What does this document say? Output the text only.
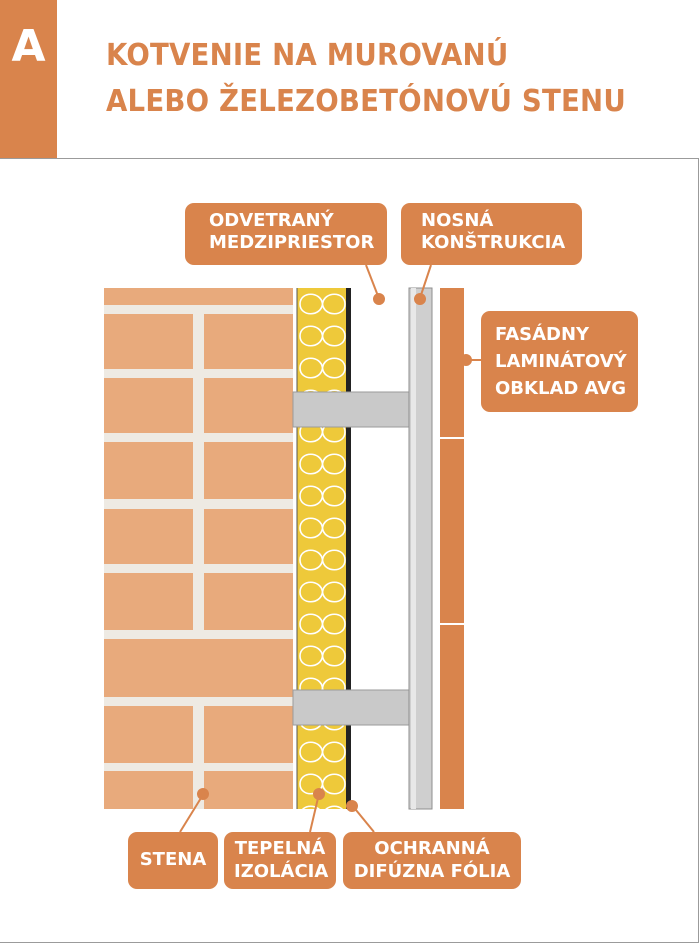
A	KOTVENIE NA MUROVANÚ
ALEBO ŽELEZOBETÓNOVÚ STENU
ODVETRANÝ
MEDZIPRIESTOR
NOSNÁ
KONŠTRUKCIA
FASÁDNY
LAMINÁTOVÝ
OBKLAD AVG
STENA
TEPELNÁ
IZOLÁCIA
OCHRANNÁ
DIFÚZNA FÓLIA
